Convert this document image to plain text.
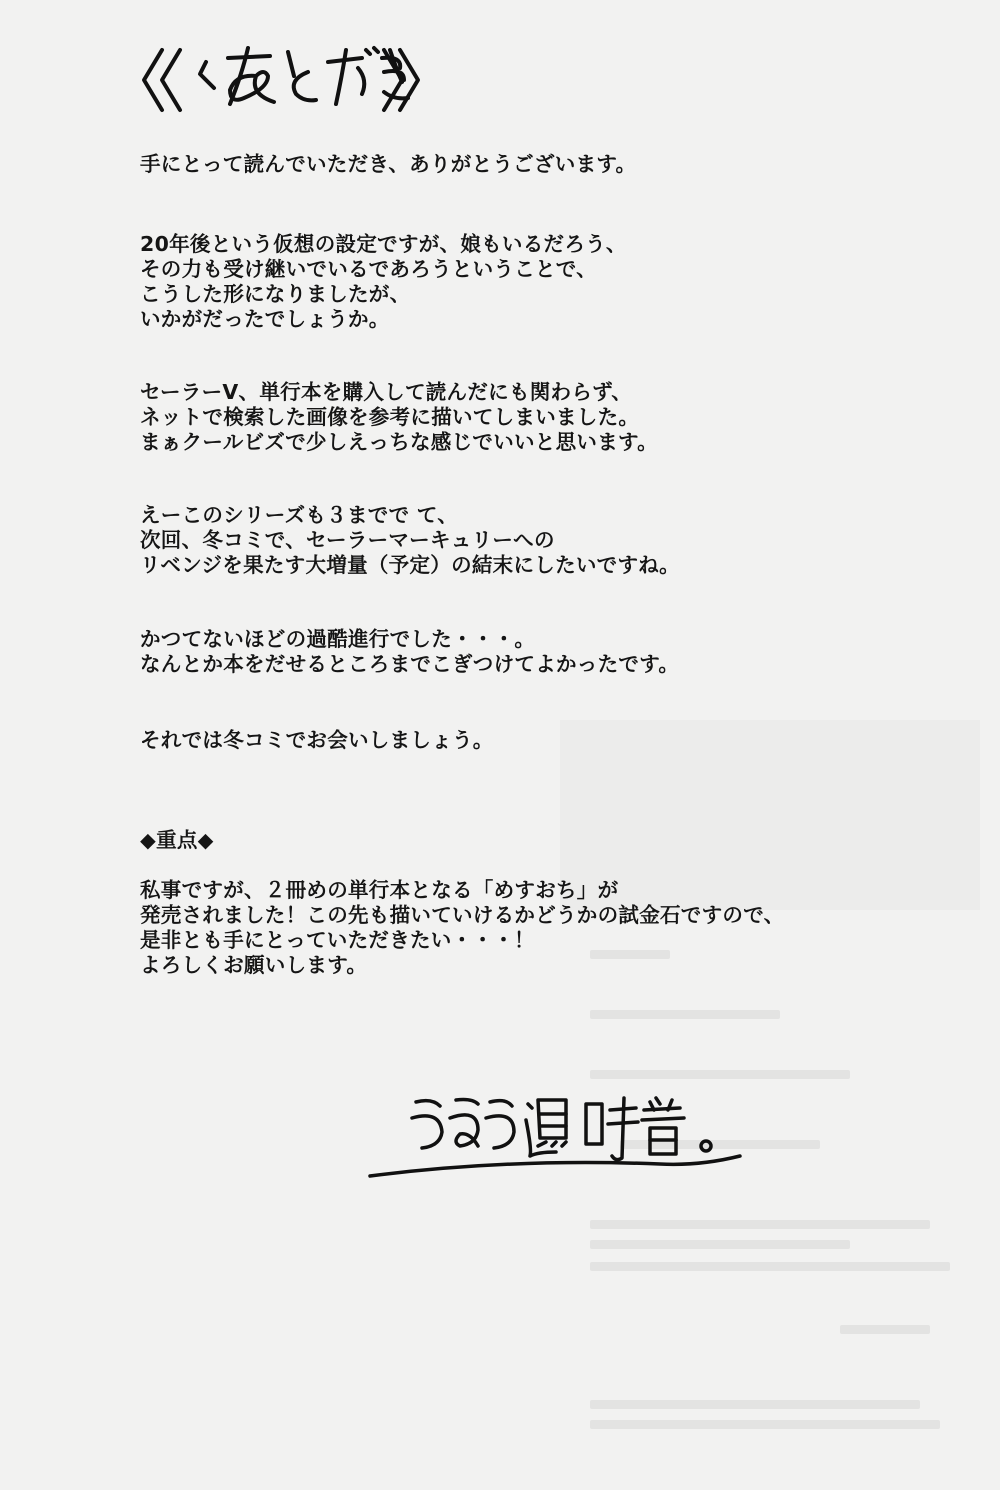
手にとって読んでいただき、ありがとうございます。
20年後という仮想の設定ですが、娘もいるだろう、
その力も受け継いでいるであろうということで、
こうした形になりましたが、
いかがだったでしょうか。
セーラーV、単行本を購入して読んだにも関わらず、
ネットで検索した画像を参考に描いてしまいました。
まぁクールビズで少しえっちな感じでいいと思います。
えーこのシリーズも３までで て、
次回、冬コミで、セーラーマーキュリーへの
リベンジを果たす大増量（予定）の結末にしたいですね。
かつてないほどの過酷進行でした・・・。
なんとか本をだせるところまでこぎつけてよかったです。
それでは冬コミでお会いしましょう。
◆重点◆
私事ですが、２冊めの単行本となる「めすおち」が
発売されました！この先も描いていけるかどうかの試金石ですので、
是非とも手にとっていただきたい・・・！
よろしくお願いします。
